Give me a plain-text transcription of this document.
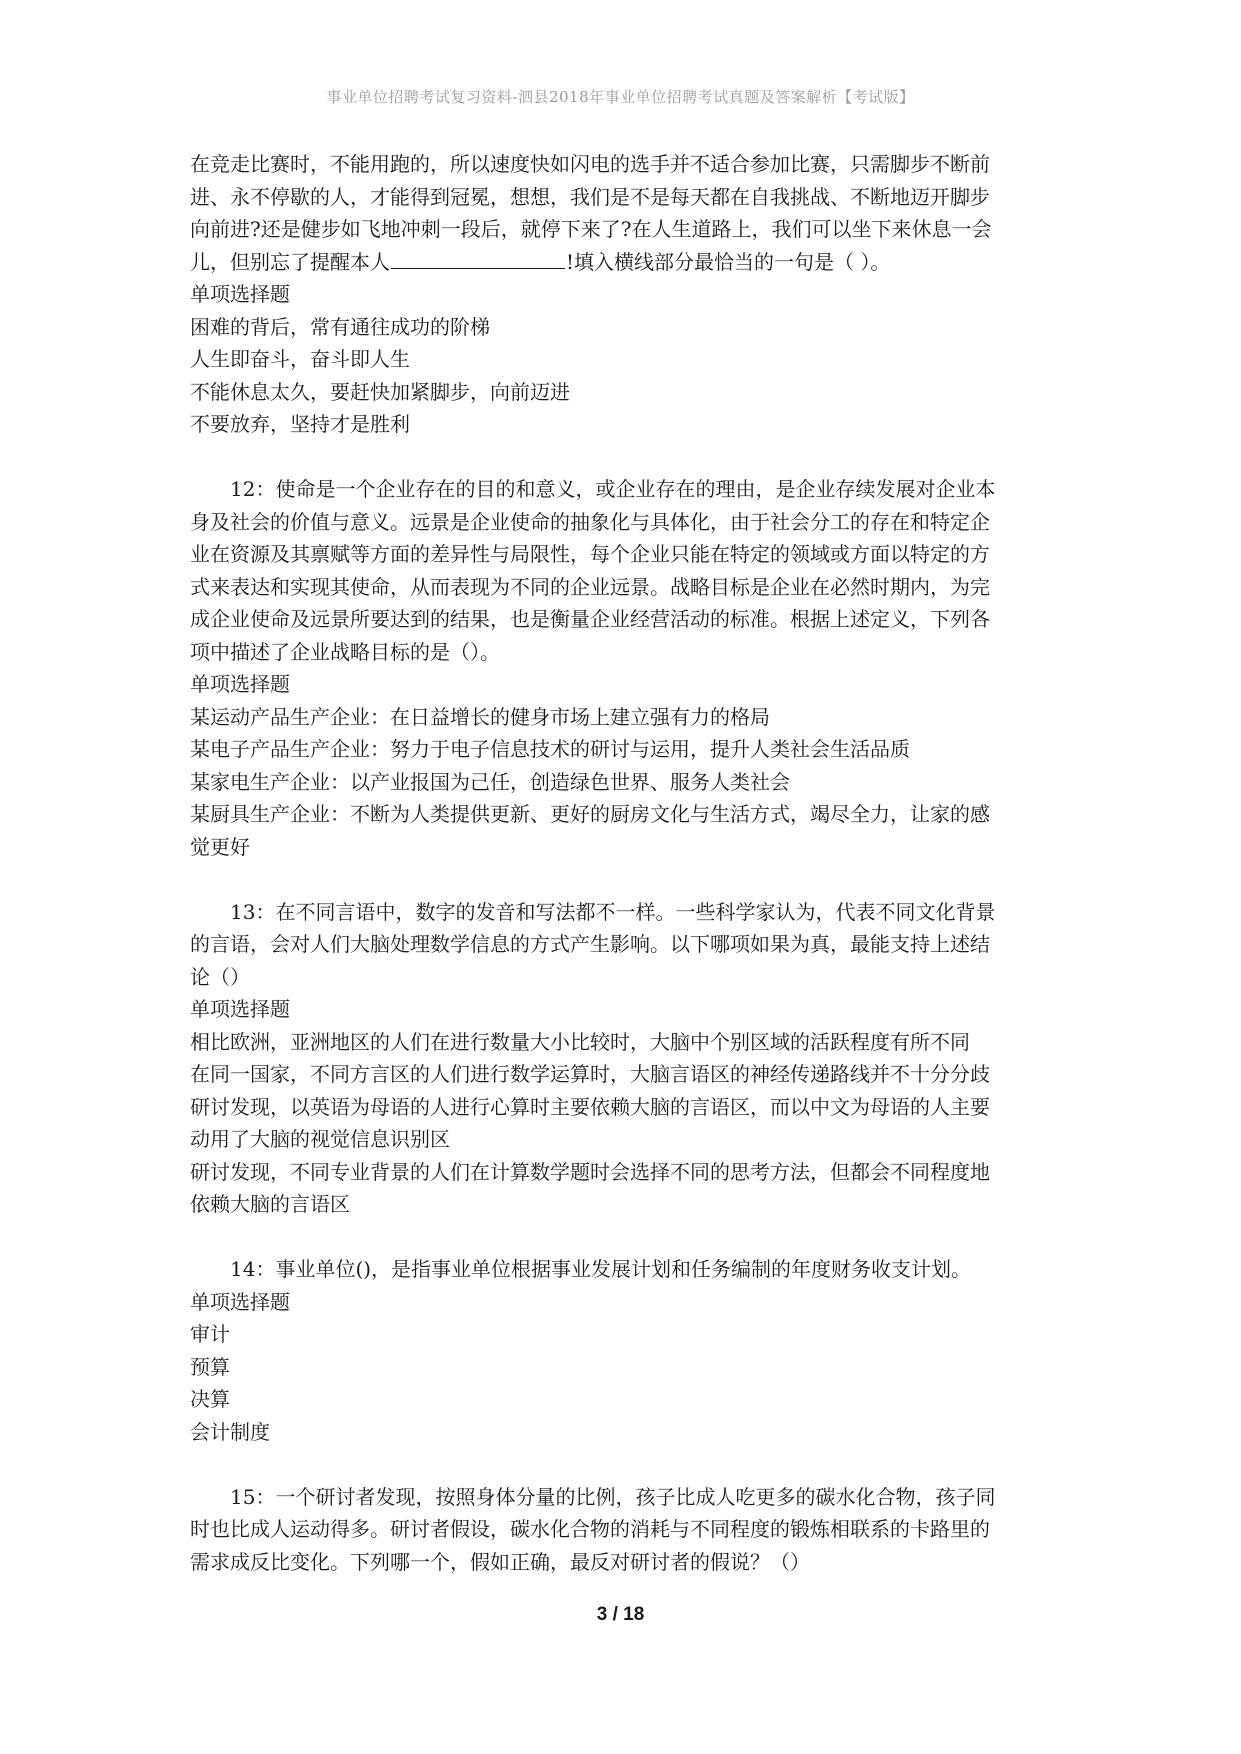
事业单位招聘考试复习资料-泗县2018年事业单位招聘考试真题及答案解析【考试版】
在竞走比赛时，不能用跑的，所以速度快如闪电的选手并不适合参加比赛，只需脚步不断前
进、永不停歇的人，才能得到冠冕，想想，我们是不是每天都在自我挑战、不断地迈开脚步
向前进?还是健步如飞地冲刺一段后，就停下来了?在人生道路上，我们可以坐下来休息一会
儿，但别忘了提醒本人	!填入横线部分最恰当的一句是（ ）。
单项选择题
困难的背后，常有通往成功的阶梯
人生即奋斗，奋斗即人生
不能休息太久，要赶快加紧脚步，向前迈进
不要放弃，坚持才是胜利
　　12：使命是一个企业存在的目的和意义，或企业存在的理由，是企业存续发展对企业本
身及社会的价值与意义。远景是企业使命的抽象化与具体化，由于社会分工的存在和特定企
业在资源及其禀赋等方面的差异性与局限性，每个企业只能在特定的领域或方面以特定的方
式来表达和实现其使命，从而表现为不同的企业远景。战略目标是企业在必然时期内，为完
成企业使命及远景所要达到的结果，也是衡量企业经营活动的标准。根据上述定义，下列各
项中描述了企业战略目标的是（）。
单项选择题
某运动产品生产企业：在日益增长的健身市场上建立强有力的格局
某电子产品生产企业：努力于电子信息技术的研讨与运用，提升人类社会生活品质
某家电生产企业：以产业报国为己任，创造绿色世界、服务人类社会
某厨具生产企业：不断为人类提供更新、更好的厨房文化与生活方式，竭尽全力，让家的感
觉更好
　　13：在不同言语中，数字的发音和写法都不一样。一些科学家认为，代表不同文化背景
的言语，会对人们大脑处理数学信息的方式产生影响。以下哪项如果为真，最能支持上述结
论（）
单项选择题
相比欧洲，亚洲地区的人们在进行数量大小比较时，大脑中个别区域的活跃程度有所不同
在同一国家，不同方言区的人们进行数学运算时，大脑言语区的神经传递路线并不十分分歧
研讨发现，以英语为母语的人进行心算时主要依赖大脑的言语区，而以中文为母语的人主要
动用了大脑的视觉信息识别区
研讨发现，不同专业背景的人们在计算数学题时会选择不同的思考方法，但都会不同程度地
依赖大脑的言语区
　　14：事业单位()，是指事业单位根据事业发展计划和任务编制的年度财务收支计划。
单项选择题
审计
预算
决算
会计制度
　　15：一个研讨者发现，按照身体分量的比例，孩子比成人吃更多的碳水化合物，孩子同
时也比成人运动得多。研讨者假设，碳水化合物的消耗与不同程度的锻炼相联系的卡路里的
需求成反比变化。下列哪一个，假如正确，最反对研讨者的假说？（）
3 / 18
